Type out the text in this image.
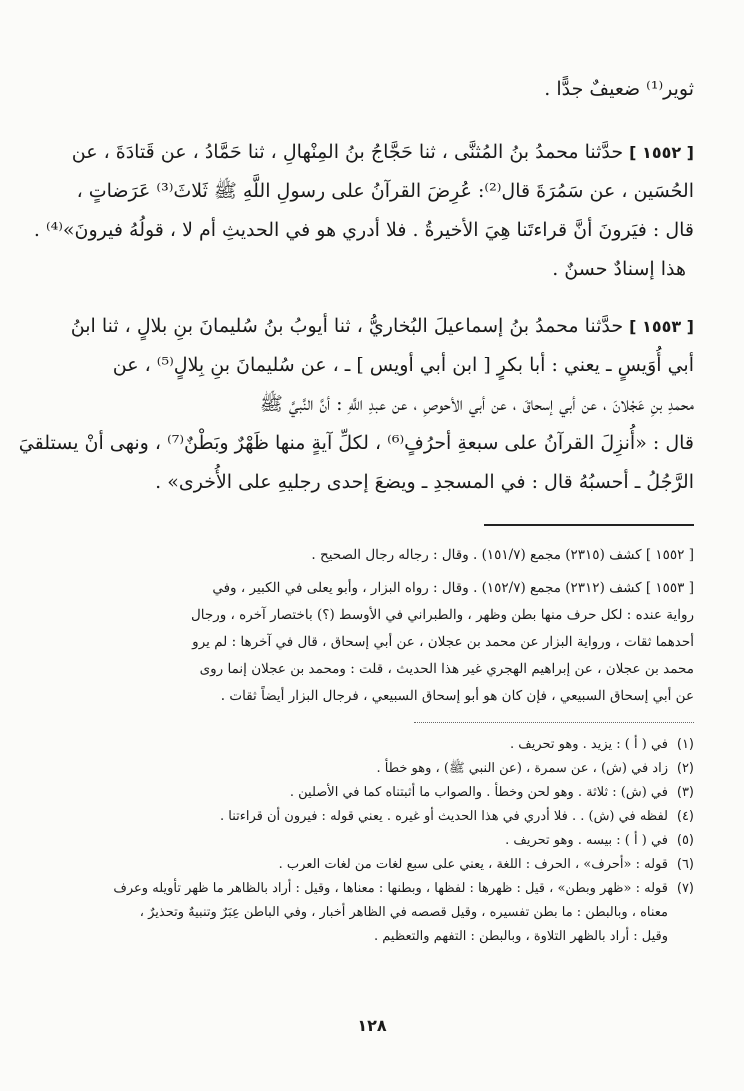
ثوير⁽¹⁾ ضعيفٌ جدًّا .

[ ١٥٥٢ ] حدَّثنا محمدُ بنُ المُثنَّى ، ثنا حَجَّاجُ بنُ المِنْهالِ ، ثنا حَمَّادُ ، عن قَتادَةَ ، عن

الحُسَين ، عن سَمُرَةَ قال⁽²⁾: عُرِضَ القرآنُ على رسولِ اللَّهِ ﷺ ثَلاثَ⁽³⁾ عَرَضاتٍ ،

قال : فيَرونَ أنَّ قراءتَنا هِيَ الأخيرةُ . فلا أدري هو في الحديثِ أم لا ، قولُهُ فيرونَ»⁽⁴⁾ .

هذا إسنادٌ حسنٌ .

[ ١٥٥٣ ] حدَّثنا محمدُ بنُ إسماعيلَ البُخاريُّ ، ثنا أيوبُ بنُ سُليمانَ بنِ بلالٍ ، ثنا ابنُ

أبي أُوَيسٍ ـ يعني : أبا بكرٍ [ ابن أبي أويس ] ـ ، عن سُليمانَ بنِ بِلالٍ⁽⁵⁾ ، عن

محمدِ بنِ عَجْلانَ ، عن أبي إسحاقَ ، عن أبي الأحوصِ ، عن عبدِ اللَّهِ : أنَّ النَّبيَّ ﷺ

قال : «أُنزِلَ القرآنُ على سبعةِ أحرُفٍ⁽⁶⁾ ، لكلِّ آيةٍ منها ظَهْرٌ وبَطْنٌ⁽⁷⁾ ، ونهى أنْ يستلقيَ

الرَّجُلُ ـ أحسبُهُ قال : في المسجدِ ـ ويضعَ إحدى رجليهِ على الأُخرى» .

[ ١٥٥٢ ] كشف (٢٣١٥) مجمع (١٥١/٧) . وقال : رجاله رجال الصحيح .

[ ١٥٥٣ ] كشف (٢٣١٢) مجمع (١٥٢/٧) . وقال : رواه البزار ، وأبو يعلى في الكبير ، وفي

رواية عنده : لكل حرف منها بطن وظهر ، والطبراني في الأوسط (؟) باختصار آخره ، ورجال

أحدهما ثقات ، ورواية البزار عن محمد بن عجلان ، عن أبي إسحاق ، قال في آخرها : لم يرو

محمد بن عجلان ، عن إبراهيم الهجري غير هذا الحديث ، قلت : ومحمد بن عجلان إنما روى

عن أبي إسحاق السبيعي ، فإن كان هو أبو إسحاق السبيعي ، فرجال البزار أيضاً ثقات .

(١)في ( أ ) : يزيد . وهو تحريف .

(٢)زاد في (ش) ، عن سمرة ، (عن النبي ﷺ) ، وهو خطأ .

(٣)في (ش) : ثلاثة . وهو لحن وخطأ . والصواب ما أثبتناه كما في الأصلين .

(٤)لفظه في (ش) . . فلا أدري في هذا الحديث أو غيره . يعني قوله : فيرون أن قراءتنا .

(٥)في ( أ ) : بيسه . وهو تحريف .

(٦)قوله : «أحرف» ، الحرف : اللغة ، يعني على سبع لغات من لغات العرب .

(٧)قوله : «ظهر وبطن» ، قيل : ظهرها : لفظها ، وبطنها : معناها ، وقيل : أراد بالظاهر ما ظهر تأويله وعرف

معناه ، وبالبطن : ما بطن تفسيره ، وقيل قصصه في الظاهر أخبار ، وفي الباطن عِبَرٌ وتنبيهٌ وتحذيرٌ ،

وقيل : أراد بالظهر التلاوة ، وبالبطن : التفهم والتعظيم .

١٢٨
